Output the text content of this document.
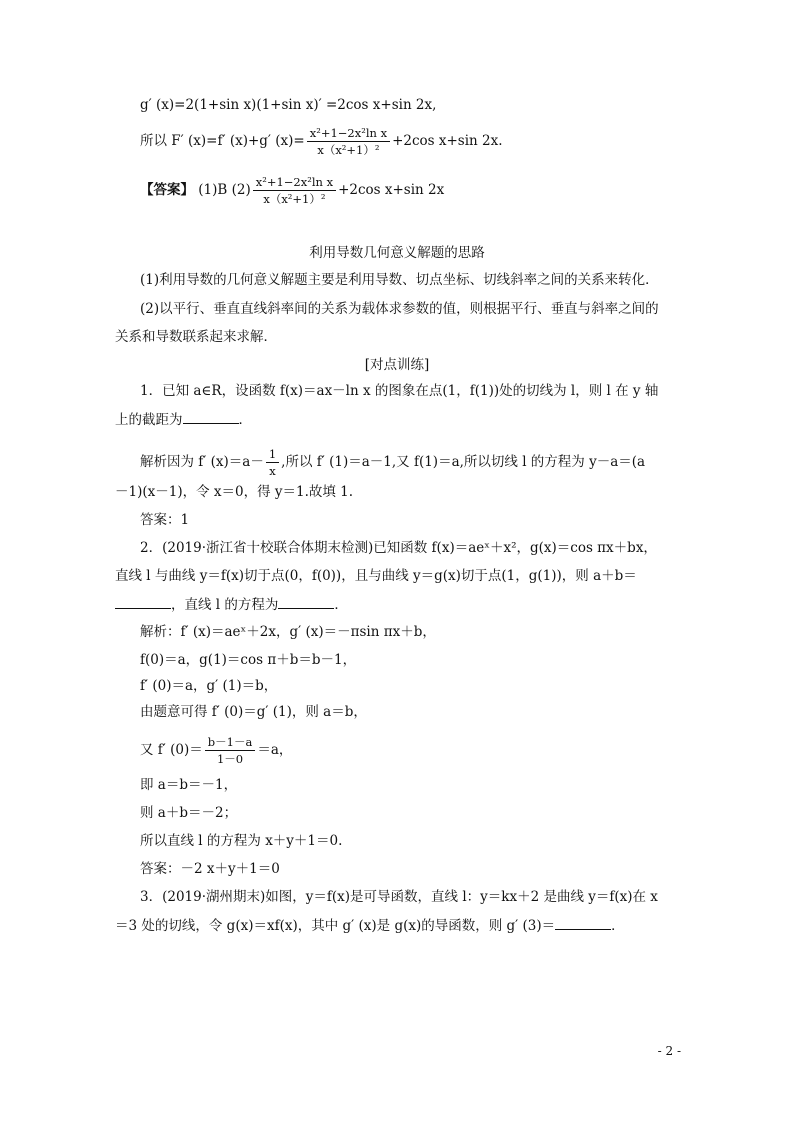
g′ (x)=2(1+sin x)(1+sin x)′ =2cos x+sin 2x,
所以 F′ (x)=f′ (x)+g′ $(x)= \frac{\text{x²+1−2x²ln x}}{\text{x（x²+1）²}} +2\cos$ x+sin 2x.
【答案】 (1)B $(2) \frac{\text{x²+1−2x²ln x}}{\text{x（x²+1）²}} +2\cos$ x+sin 2x
利用导数几何意义解题的思路
(1)利用导数的几何意义解题主要是利用导数、切点坐标、切线斜率之间的关系来转化．
(2)以平行、垂直直线斜率间的关系为载体求参数的值，则根据平行、垂直与斜率之间的
关系和导数联系起来求解．
[对点训练]
1．已知 a∈R，设函数 f(x)＝ax－ln x 的图象在点(1，f(1))处的切线为 l，则 l 在 y 轴
上的截距为	．
解析因为 f′ $(x)=a- \frac{1}{x}$ ,所以 f′ (1)＝a－1,又 f(1)＝a,所以切线 l 的方程为 y－a＝(a
－1)(x－1)，令 x＝0，得 y＝1.故填 1.
答案：1
2．(2019·浙江省十校联合体期末检测)已知函数 f(x)＝aeˣ＋x²，g(x)＝cos πx＋bx，
直线 l 与曲线 y＝f(x)切于点(0，f(0))，且与曲线 y＝g(x)切于点(1，g(1))，则 a＋b＝
，直线 l 的方程为	．
解析：f′ (x)＝aeˣ＋2x，g′ (x)＝－πsin πx＋b，
f(0)＝a，g(1)＝cos π＋b＝b－1，
f′ (0)＝a，g′ (1)＝b，
由题意可得 f′ (0)＝g′ (1)，则 a＝b，
又 f′ $(0)= \frac{b-1-a}{1-0} =a$，
即 a＝b＝－1，
则 a＋b＝－2；
所以直线 l 的方程为 x＋y＋1＝0.
答案：－2 x＋y＋1＝0
3．(2019·湖州期末)如图，y＝f(x)是可导函数，直线 l：y＝kx＋2 是曲线 y＝f(x)在 x
＝3 处的切线，令 g(x)＝xf(x)，其中 g′ (x)是 g(x)的导函数，则 g′ (3)＝	．
- 2 -
